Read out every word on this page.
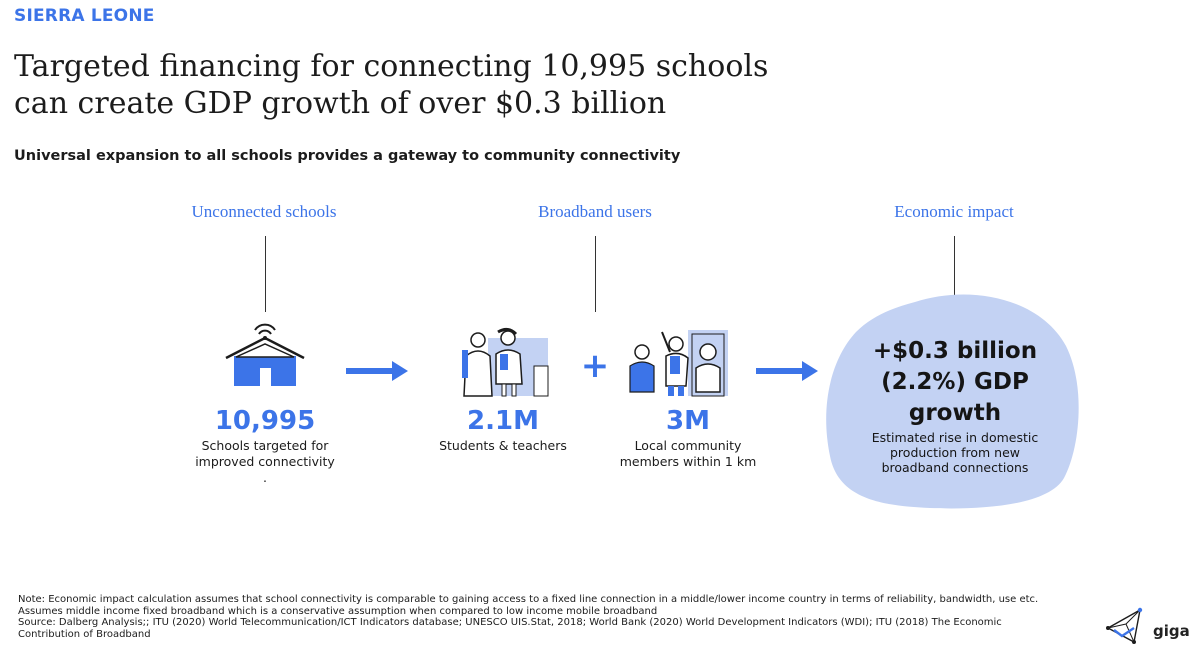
SIERRA LEONE
Targeted financing for connecting 10,995 schools
can create GDP growth of over $0.3 billion
Universal expansion to all schools provides a gateway to community connectivity
Unconnected schools	Broadband users	Economic impact
+
10,995
Schools targeted for
improved connectivity
.
2.1M
Students & teachers
3M
Local community
members within 1 km
+$0.3 billion
(2.2%) GDP
growth
Estimated rise in domestic
production from new
broadband connections
Note: Economic impact calculation assumes that school connectivity is comparable to gaining access to a fixed line connection in a middle/lower income country in terms of reliability, bandwidth, use etc.
Assumes middle income fixed broadband which is a conservative assumption when compared to low income mobile broadband
Source: Dalberg Analysis;; ITU (2020) World Telecommunication/ICT Indicators database; UNESCO UIS.Stat, 2018; World Bank (2020) World Development Indicators (WDI); ITU (2018) The Economic
Contribution of Broadband	giga
